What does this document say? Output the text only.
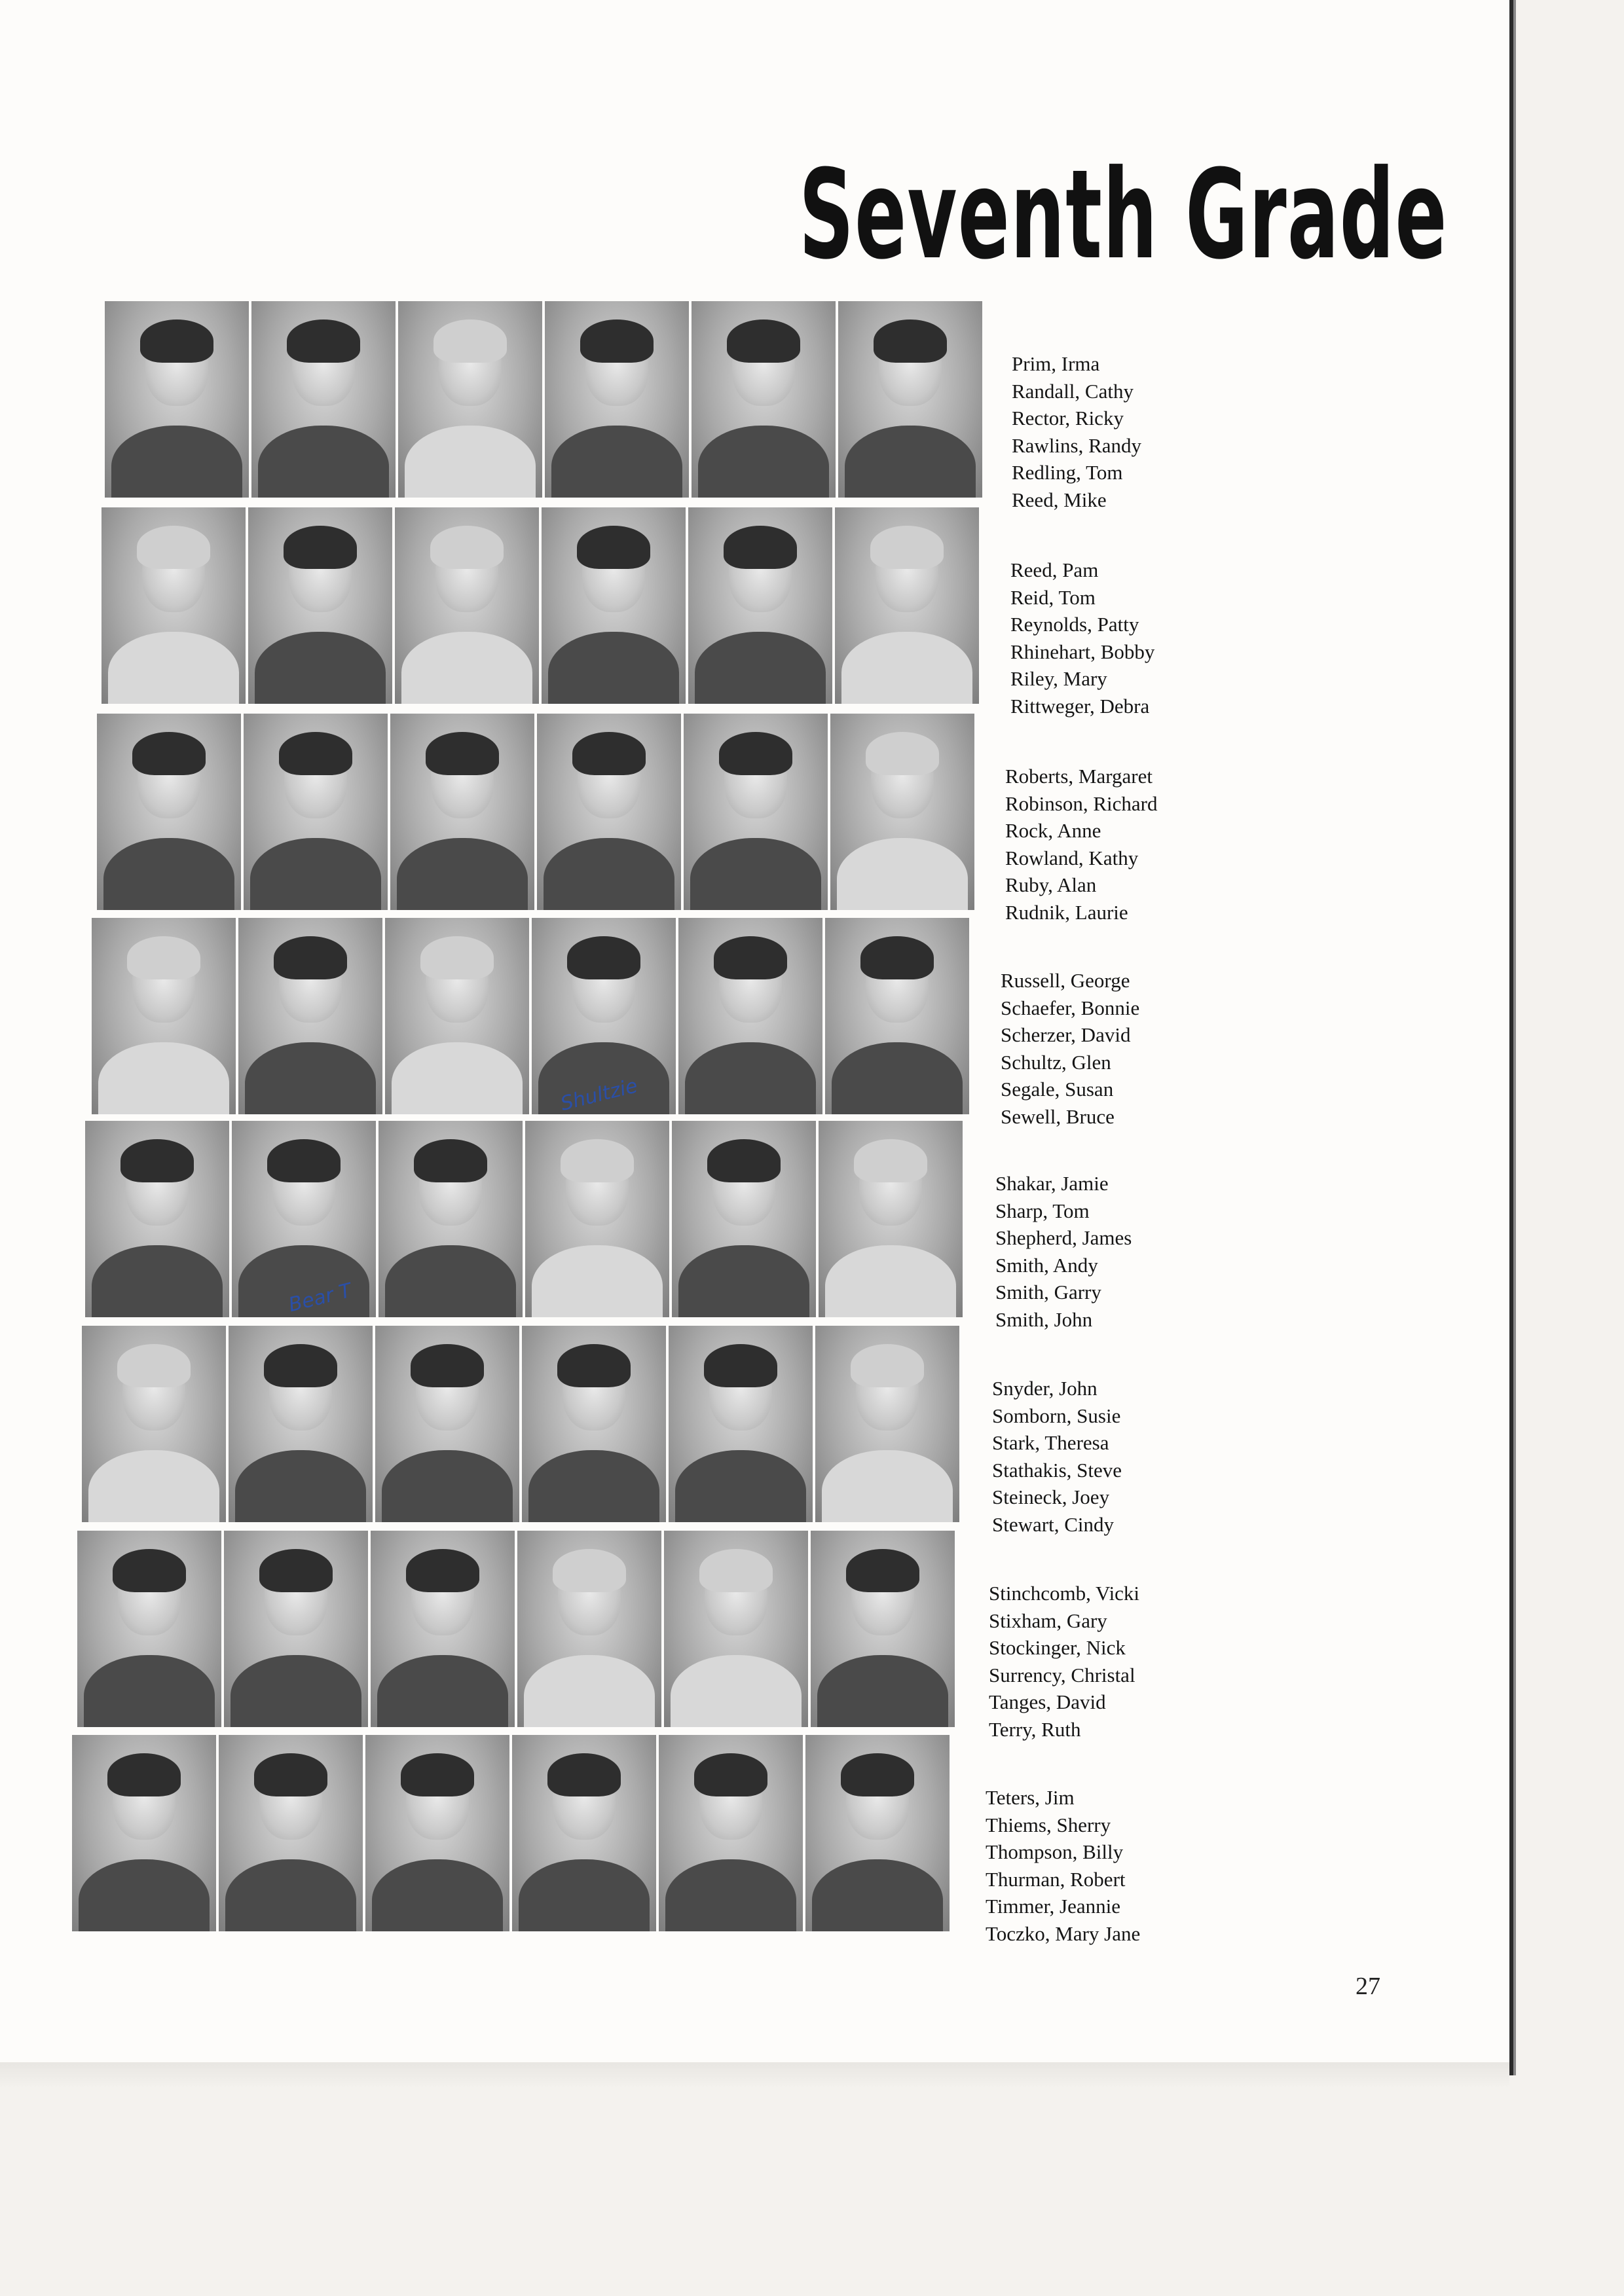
Seventh Grade
Prim, Irma
Randall, Cathy
Rector, Ricky
Rawlins, Randy
Redling, Tom
Reed, Mike
Reed, Pam
Reid, Tom
Reynolds, Patty
Rhinehart, Bobby
Riley, Mary
Rittweger, Debra
Roberts, Margaret
Robinson, Richard
Rock, Anne
Rowland, Kathy
Ruby, Alan
Rudnik, Laurie
Russell, George
Schaefer, Bonnie
Scherzer, David
Schultz, Glen
Segale, Susan
Sewell, Bruce
Shakar, Jamie
Sharp, Tom
Shepherd, James
Smith, Andy
Smith, Garry
Smith, John
Snyder, John
Somborn, Susie
Stark, Theresa
Stathakis, Steve
Steineck, Joey
Stewart, Cindy
Stinchcomb, Vicki
Stixham, Gary
Stockinger, Nick
Surrency, Christal
Tanges, David
Terry, Ruth
Teters, Jim
Thiems, Sherry
Thompson, Billy
Thurman, Robert
Timmer, Jeannie
Toczko, Mary Jane
27
Shultzie
Bear T
